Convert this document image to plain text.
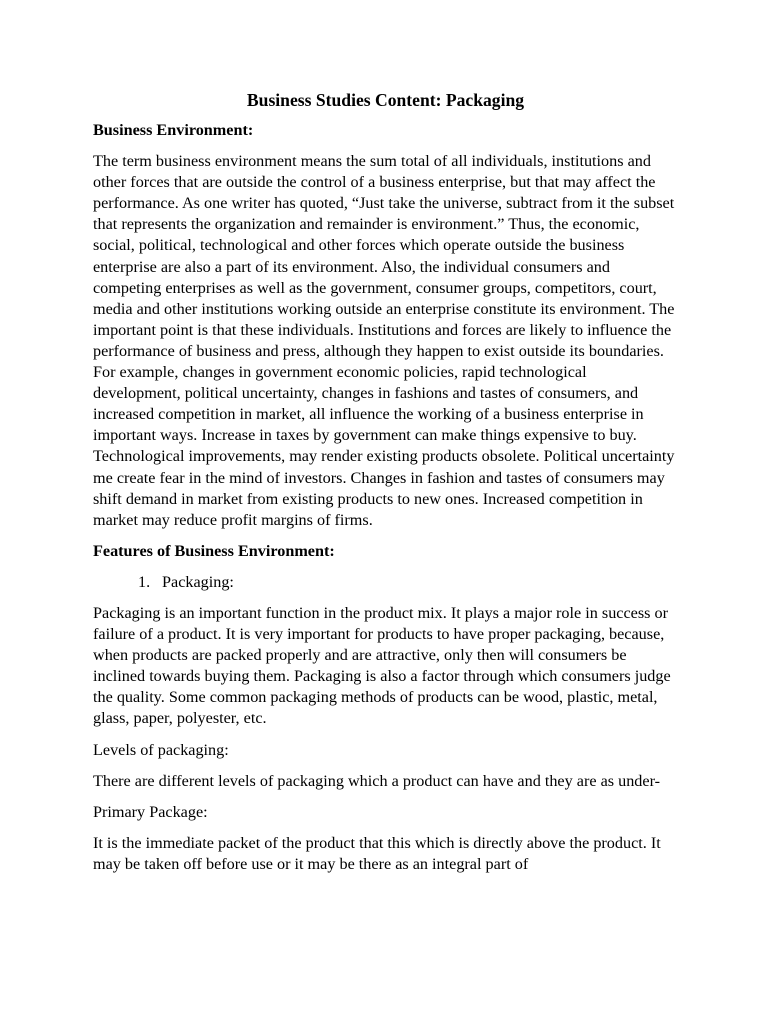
Business Studies Content: Packaging
Business Environment:

The term business environment means the sum total of all individuals, institutions and other forces that are outside the control of a business enterprise, but that may affect the performance. As one writer has quoted, “Just take the universe, subtract from it the subset that represents the organization and remainder is environment.” Thus, the economic, social, political, technological and other forces which operate outside the business enterprise are also a part of its environment. Also, the individual consumers and competing enterprises as well as the government, consumer groups, competitors, court, media and other institutions working outside an enterprise constitute its environment. The important point is that these individuals. Institutions and forces are likely to influence the performance of business and press, although they happen to exist outside its boundaries. For example, changes in government economic policies, rapid technological development, political uncertainty, changes in fashions and tastes of consumers, and increased competition in market, all influence the working of a business enterprise in important ways. Increase in taxes by government can make things expensive to buy. Technological improvements, may render existing products obsolete. Political uncertainty me create fear in the mind of investors. Changes in fashion and tastes of consumers may shift demand in market from existing products to new ones. Increased competition in market may reduce profit margins of firms.

Features of Business Environment:
1. Packaging:

Packaging is an important function in the product mix. It plays a major role in success or failure of a product. It is very important for products to have proper packaging, because, when products are packed properly and are attractive, only then will consumers be inclined towards buying them. Packaging is also a factor through which consumers judge the quality. Some common packaging methods of products can be wood, plastic, metal, glass, paper, polyester, etc.

Levels of packaging:

There are different levels of packaging which a product can have and they are as under-

Primary Package:

It is the immediate packet of the product that this which is directly above the product. It may be taken off before use or it may be there as an integral part of
